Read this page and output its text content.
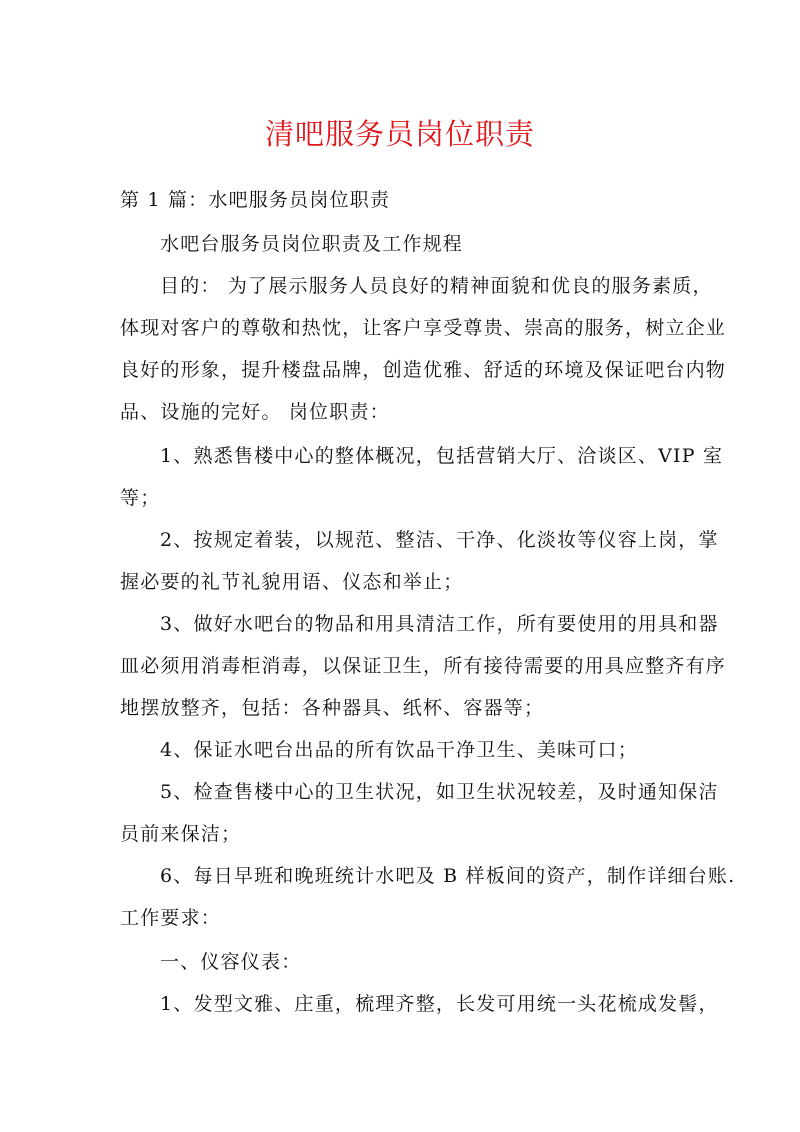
清吧服务员岗位职责

第 1 篇：水吧服务员岗位职责

水吧台服务员岗位职责及工作规程

目的： 为了展示服务人员良好的精神面貌和优良的服务素质，

体现对客户的尊敬和热忱，让客户享受尊贵、崇高的服务，树立企业

良好的形象，提升楼盘品牌，创造优雅、舒适的环境及保证吧台内物

品、设施的完好。 岗位职责：

1、熟悉售楼中心的整体概况，包括营销大厅、洽谈区、VIP 室

等；

2、按规定着装，以规范、整洁、干净、化淡妆等仪容上岗，掌

握必要的礼节礼貌用语、仪态和举止；

3、做好水吧台的物品和用具清洁工作，所有要使用的用具和器

皿必须用消毒柜消毒，以保证卫生，所有接待需要的用具应整齐有序

地摆放整齐，包括：各种器具、纸杯、容器等；

4、保证水吧台出品的所有饮品干净卫生、美味可口；

5、检查售楼中心的卫生状况，如卫生状况较差，及时通知保洁

员前来保洁；

6、每日早班和晚班统计水吧及 B 样板间的资产，制作详细台账.

工作要求：

一、仪容仪表：

1、发型文雅、庄重，梳理齐整，长发可用统一头花梳成发髻，
